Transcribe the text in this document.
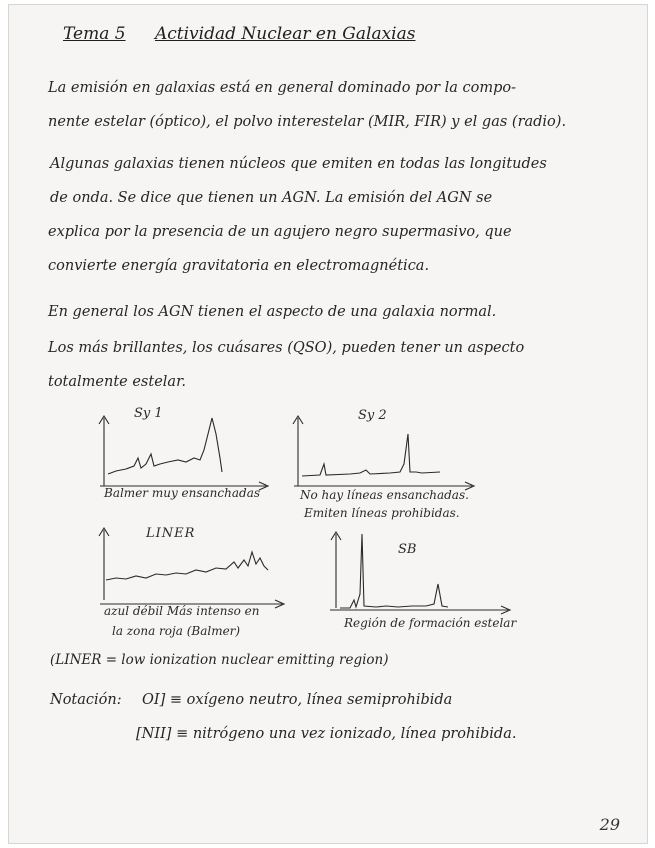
Tema 5 Actividad Nuclear en Galaxias
La emisión en galaxias está en general dominado por la compo-
nente estelar (óptico), el polvo interestelar (MIR, FIR) y el gas (radio).
Algunas galaxias tienen núcleos que emiten en todas las longitudes
de onda. Se dice que tienen un AGN. La emisión del AGN se
explica por la presencia de un agujero negro supermasivo, que
convierte energía gravitatoria en electromagnética.
En general los AGN tienen el aspecto de una galaxia normal.
Los más brillantes, los cuásares (QSO), pueden tener un aspecto
totalmente estelar.
Sy 1
Balmer muy ensanchadas
Sy 2
No hay líneas ensanchadas.
Emiten líneas prohibidas.
LINER
azul débil Más intenso en
la zona roja (Balmer)
SB
Región de formación estelar
(LINER = low ionization nuclear emitting region)
Notación: OI] ≡ oxígeno neutro, línea semiprohibida
[NII] ≡ nitrógeno una vez ionizado, línea prohibida.
29
